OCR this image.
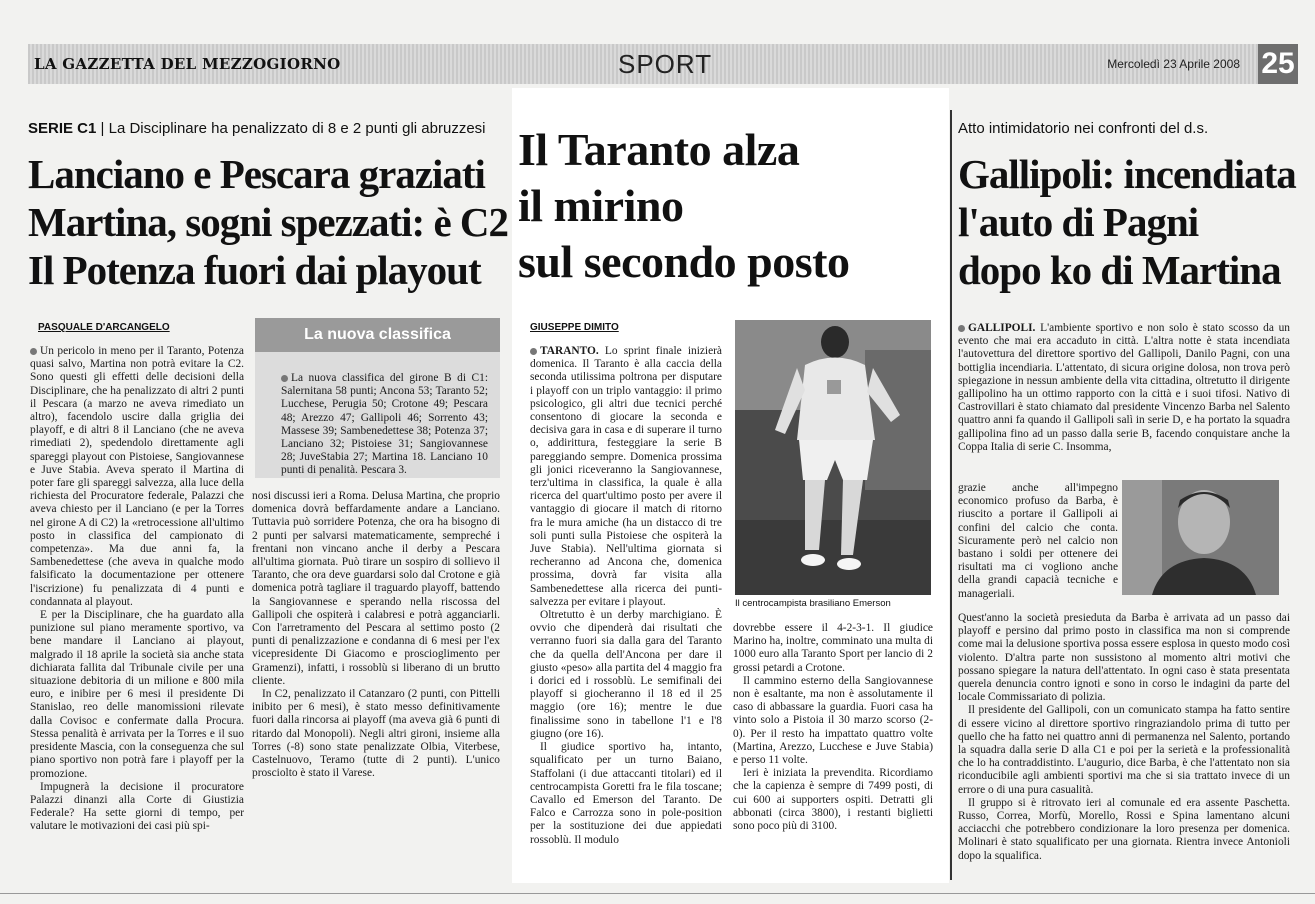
LA GAZZETTA DEL MEZZOGIORNO	SPORT	Mercoledì 23 Aprile 2008 25
SERIE C1 | La Disciplinare ha penalizzato di 8 e 2 punti gli abruzzesi
Lanciano e Pescara graziati
Martina, sogni spezzati: è C2
Il Potenza fuori dai playout
PASQUALE D'ARCANGELO

Un pericolo in meno per il Taranto, Potenza quasi salvo, Martina non potrà evitare la C2. Sono questi gli effetti delle decisioni della Disciplinare, che ha penalizzato di altri 2 punti il Pescara (a marzo ne aveva rimediato un altro), facendolo uscire dalla griglia dei playoff, e di altri 8 il Lanciano (che ne aveva rimediati 2), spedendolo direttamente agli spareggi playout con Pistoiese, Sangiovannese e Juve Stabia. Aveva sperato il Martina di poter fare gli spareggi salvezza, alla luce della richiesta del Procuratore federale, Palazzi che aveva chiesto per il Lanciano (e per la Torres nel girone A di C2) la «retrocessione all'ultimo posto in classifica del campionato di competenza». Ma due anni fa, la Sambenedettese (che aveva in qualche modo falsificato la documentazione per ottenere l'iscrizione) fu penalizzata di 4 punti e condannata al playout.

E per la Disciplinare, che ha guardato alla punizione sul piano meramente sportivo, va bene mandare il Lanciano ai playout, malgrado il 18 aprile la società sia anche stata dichiarata fallita dal Tribunale civile per una situazione debitoria di un milione e 800 mila euro, e inibire per 6 mesi il presidente Di Stanislao, reo delle manomissioni rilevate dalla Covisoc e confermate dalla Procura. Stessa penalità è arrivata per la Torres e il suo presidente Mascia, con la conseguenza che sul piano sportivo non potrà fare i playoff per la promozione.

Impugnerà la decisione il procuratore Palazzi dinanzi alla Corte di Giustizia Federale? Ha sette giorni di tempo, per valutare le motivazioni dei casi più spi-

La nuova classifica
La nuova classifica del girone B di C1: Salernitana 58 punti; Ancona 53; Taranto 52; Lucchese, Perugia 50; Crotone 49; Pescara 48; Arezzo 47; Gallipoli 46; Sorrento 43; Massese 39; Sambenedettese 38; Potenza 37; Lanciano 32; Pistoiese 31; Sangiovannese 28; JuveStabia 27; Martina 18. Lanciano 10 punti di penalità. Pescara 3.

nosi discussi ieri a Roma. Delusa Martina, che proprio domenica dovrà beffardamente andare a Lanciano. Tuttavia può sorridere Potenza, che ora ha bisogno di 2 punti per salvarsi matematicamente, sempreché i frentani non vincano anche il derby a Pescara all'ultima giornata. Può tirare un sospiro di sollievo il Taranto, che ora deve guardarsi solo dal Crotone e già domenica potrà tagliare il traguardo playoff, battendo la Sangiovannese e sperando nella riscossa del Gallipoli che ospiterà i calabresi e potrà agganciarli. Con l'arretramento del Pescara al settimo posto (2 punti di penalizzazione e condanna di 6 mesi per l'ex vicepresidente Di Giacomo e proscioglimento per Gramenzi), infatti, i rossoblù si liberano di un brutto cliente.

In C2, penalizzato il Catanzaro (2 punti, con Pittelli inibito per 6 mesi), è stato messo definitivamente fuori dalla rincorsa ai playoff (ma aveva già 6 punti di ritardo dal Monopoli). Negli altri gironi, insieme alla Torres (-8) sono state penalizzate Olbia, Viterbese, Castelnuovo, Teramo (tutte di 2 punti). L'unico prosciolto è stato il Varese.

Il Taranto alza
il mirino
sul secondo posto
GIUSEPPE DIMITO

TARANTO. Lo sprint finale inizierà domenica. Il Taranto è alla caccia della seconda utilissima poltrona per disputare i playoff con un triplo vantaggio: il primo psicologico, gli altri due tecnici perché consentono di giocare la seconda e decisiva gara in casa e di superare il turno o, addirittura, festeggiare la serie B pareggiando sempre. Domenica prossima gli jonici riceveranno la Sangiovannese, terz'ultima in classifica, la quale è alla ricerca del quart'ultimo posto per avere il vantaggio di giocare il match di ritorno fra le mura amiche (ha un distacco di tre soli punti sulla Pistoiese che ospiterà la Juve Stabia). Nell'ultima giornata si recheranno ad Ancona che, domenica prossima, dovrà far visita alla Sambenedettese alla ricerca dei punti-salvezza per evitare i playout.

Oltretutto è un derby marchigiano. È ovvio che dipenderà dai risultati che verranno fuori sia dalla gara del Taranto che da quella dell'Ancona per dare il giusto «peso» alla partita del 4 maggio fra i dorici ed i rossoblù. Le semifinali dei playoff si giocheranno il 18 ed il 25 maggio (ore 16); mentre le due finalissime sono in tabellone l'1 e l'8 giugno (ore 16).

Il giudice sportivo ha, intanto, squalificato per un turno Baiano, Staffolani (i due attaccanti titolari) ed il centrocampista Goretti fra le fila toscane; Cavallo ed Emerson del Taranto. De Falco e Carrozza sono in pole-position per la sostituzione dei due appiedati rossoblù. Il modulo

Il centrocampista brasiliano Emerson

dovrebbe essere il 4-2-3-1. Il giudice Marino ha, inoltre, comminato una multa di 1000 euro alla Taranto Sport per lancio di 2 grossi petardi a Crotone.

Il cammino esterno della Sangiovannese non è esaltante, ma non è assolutamente il caso di abbassare la guardia. Fuori casa ha vinto solo a Pistoia il 30 marzo scorso (2-0). Per il resto ha impattato quattro volte (Martina, Arezzo, Lucchese e Juve Stabia) e perso 11 volte.

Ieri è iniziata la prevendita. Ricordiamo che la capienza è sempre di 7499 posti, di cui 600 ai supporters ospiti. Detratti gli abbonati (circa 3800), i restanti biglietti sono poco più di 3100.

Atto intimidatorio nei confronti del d.s.
Gallipoli: incendiata
l'auto di Pagni
dopo ko di Martina

GALLIPOLI. L'ambiente sportivo e non solo è stato scosso da un evento che mai era accaduto in città. L'altra notte è stata incendiata l'autovettura del direttore sportivo del Gallipoli, Danilo Pagni, con una bottiglia incendiaria. L'attentato, di sicura origine dolosa, non trova però spiegazione in nessun ambiente della vita cittadina, oltretutto il dirigente gallipolino ha un ottimo rapporto con la città e i suoi tifosi. Nativo di Castrovillari è stato chiamato dal presidente Vincenzo Barba nel Salento quattro anni fa quando il Gallipoli salì in serie D, e ha portato la squadra gallipolina fino ad un passo dalla serie B, facendo conquistare anche la Coppa Italia di serie C. Insomma,

grazie anche all'impegno economico profuso da Barba, è riuscito a portare il Gallipoli ai confini del calcio che conta. Sicuramente però nel calcio non bastano i soldi per ottenere dei risultati ma ci vogliono anche della grandi capacià tecniche e manageriali.

Quest'anno la società presieduta da Barba è arrivata ad un passo dai playoff e persino dal primo posto in classifica ma non si comprende come mai la delusione sportiva possa essere esplosa in questo modo così violento. D'altra parte non sussistono al momento altri motivi che possano spiegare la natura dell'attentato. In ogni caso è stata presentata querela denuncia contro ignoti e sono in corso le indagini da parte del locale Commissariato di polizia.

Il presidente del Gallipoli, con un comunicato stampa ha fatto sentire di essere vicino al direttore sportivo ringraziandolo prima di tutto per quello che ha fatto nei quattro anni di permanenza nel Salento, portando la squadra dalla serie D alla C1 e poi per la serietà e la professionalità che lo ha contraddistinto. L'augurio, dice Barba, è che l'attentato non sia riconducibile agli ambienti sportivi ma che si sia trattato invece di un errore o di una pura casualità.

Il gruppo si è ritrovato ieri al comunale ed era assente Paschetta. Russo, Correa, Morfù, Morello, Rossi e Spina lamentano alcuni acciacchi che potrebbero condizionare la loro presenza per domenica. Molinari è stato squalificato per una giornata. Rientra invece Antonioli dopo la squalifica.
